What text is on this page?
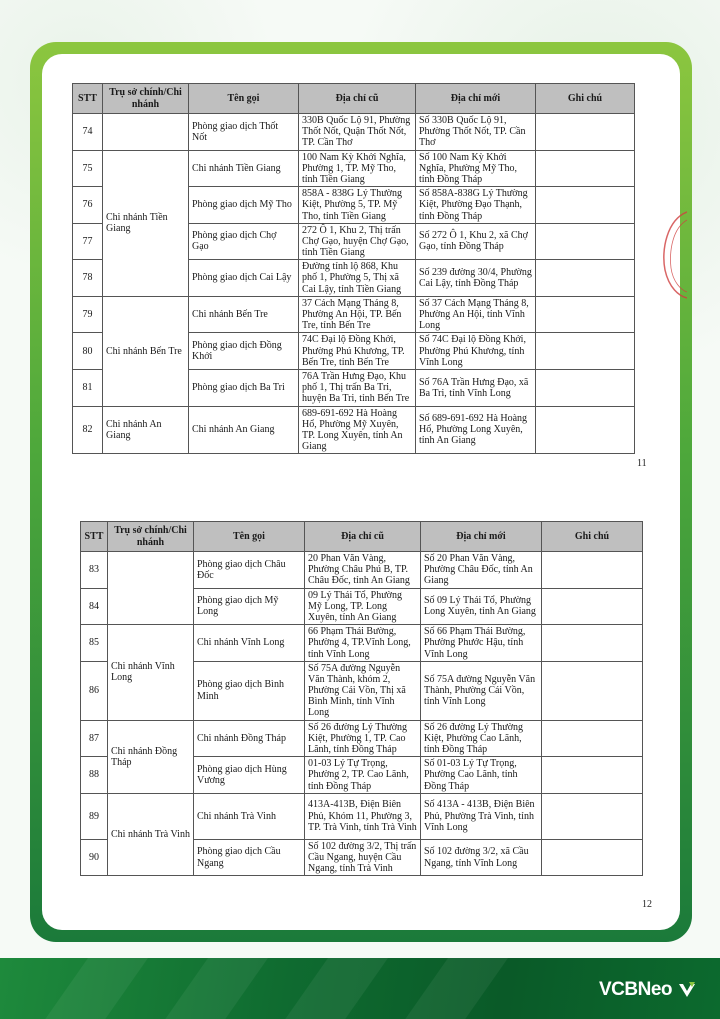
STT	Trụ sở chính/Chi nhánh	Tên gọi	Địa chỉ cũ	Địa chỉ mới	Ghi chú
74		Phòng giao dịch Thốt Nốt	330B Quốc Lộ 91, Phường Thốt Nốt, Quận Thốt Nốt, TP. Cần Thơ	Số 330B Quốc Lộ 91, Phường Thốt Nốt, TP. Cần Thơ	
75	Chi nhánh Tiền Giang	Chi nhánh Tiền Giang	100 Nam Kỳ Khởi Nghĩa, Phường 1, TP. Mỹ Tho, tỉnh Tiền Giang	Số 100 Nam Kỳ Khởi Nghĩa, Phường Mỹ Tho, tỉnh Đồng Tháp	
76		Phòng giao dịch Mỹ Tho	858A - 838G Lý Thường Kiệt, Phường 5, TP. Mỹ Tho, tỉnh Tiền Giang	Số 858A-838G Lý Thường Kiệt, Phường Đạo Thạnh, tỉnh Đồng Tháp	
77		Phòng giao dịch Chợ Gạo	272 Ô 1, Khu 2, Thị trấn Chợ Gạo, huyện Chợ Gạo, tỉnh Tiền Giang	Số 272 Ô 1, Khu 2, xã Chợ Gạo, tỉnh Đồng Tháp	
78		Phòng giao dịch Cai Lậy	Đường tỉnh lộ 868, Khu phố 1, Phường 5, Thị xã Cai Lậy, tỉnh Tiền Giang	Số 239 đường 30/4, Phường Cai Lậy, tỉnh Đồng Tháp	
79	Chi nhánh Bến Tre	Chi nhánh Bến Tre	37 Cách Mạng Tháng 8, Phường An Hội, TP. Bến Tre, tỉnh Bến Tre	Số 37 Cách Mạng Tháng 8, Phường An Hội, tỉnh Vĩnh Long	
80		Phòng giao dịch Đồng Khởi	74C Đại lộ Đồng Khởi, Phường Phú Khương, TP. Bến Tre, tỉnh Bến Tre	Số 74C Đại lộ Đồng Khởi, Phường Phú Khương, tỉnh Vĩnh Long	
81		Phòng giao dịch Ba Tri	76A Trần Hưng Đạo, Khu phố 1, Thị trấn Ba Tri, huyện Ba Tri, tỉnh Bến Tre	Số 76A Trần Hưng Đạo, xã Ba Tri, tỉnh Vĩnh Long	
82	Chi nhánh An Giang	Chi nhánh An Giang	689-691-692 Hà Hoàng Hổ, Phường Mỹ Xuyên, TP. Long Xuyên, tỉnh An Giang	Số 689-691-692 Hà Hoàng Hổ, Phường Long Xuyên, tỉnh An Giang	
11
STT	Trụ sở chính/Chi nhánh	Tên gọi	Địa chỉ cũ	Địa chỉ mới	Ghi chú
83		Phòng giao dịch Châu Đốc	20 Phan Văn Vàng, Phường Châu Phú B, TP. Châu Đốc, tỉnh An Giang	Số 20 Phan Văn Vàng, Phường Châu Đốc, tỉnh An Giang	
84		Phòng giao dịch Mỹ Long	09 Lý Thái Tổ, Phường Mỹ Long, TP. Long Xuyên, tỉnh An Giang	Số 09 Lý Thái Tổ, Phường Long Xuyên, tỉnh An Giang	
85	Chi nhánh Vĩnh Long	Chi nhánh Vĩnh Long	66 Phạm Thái Bường, Phường 4, TP.Vĩnh Long, tỉnh Vĩnh Long	Số 66 Phạm Thái Bường, Phường Phước Hậu, tỉnh Vĩnh Long	
86		Phòng giao dịch Bình Minh	Số 75A đường Nguyễn Văn Thành, khóm 2, Phường Cái Vồn, Thị xã Bình Minh, tỉnh Vĩnh Long	Số 75A đường Nguyễn Văn Thành, Phường Cái Vồn, tỉnh Vĩnh Long	
87	Chi nhánh Đồng Tháp	Chi nhánh Đồng Tháp	Số 26 đường Lý Thường Kiệt, Phường 1, TP. Cao Lãnh, tỉnh Đồng Tháp	Số 26 đường Lý Thường Kiệt, Phường Cao Lãnh, tỉnh Đồng Tháp	
88		Phòng giao dịch Hùng Vương	01-03 Lý Tự Trọng, Phường 2, TP. Cao Lãnh, tỉnh Đồng Tháp	Số 01-03 Lý Tự Trọng, Phường Cao Lãnh, tỉnh Đồng Tháp	
89	Chi nhánh Trà Vinh	Chi nhánh Trà Vinh	413A-413B, Điện Biên Phủ, Khóm 11, Phường 3, TP. Trà Vinh, tỉnh Trà Vinh	Số 413A - 413B, Điện Biên Phủ, Phường Trà Vinh, tỉnh Vĩnh Long	
90		Phòng giao dịch Cầu Ngang	Số 102 đường 3/2, Thị trấn Cầu Ngang, huyện Cầu Ngang, tỉnh Trà Vinh	Số 102 đường 3/2, xã Cầu Ngang, tỉnh Vĩnh Long	
12
VCBNeo
